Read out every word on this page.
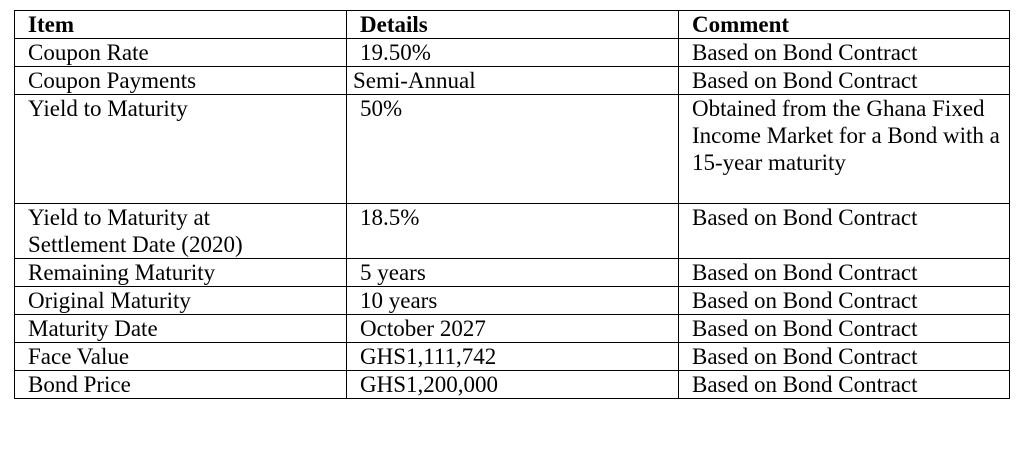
Item	Details	Comment
Coupon Rate	19.50%	Based on Bond Contract
Coupon Payments	Semi-Annual	Based on Bond Contract
Yield to Maturity	50%	Obtained from the Ghana Fixed Income Market for a Bond with a 15-year maturity
Yield to Maturity at Settlement Date (2020)	18.5%	Based on Bond Contract
Remaining Maturity	5 years	Based on Bond Contract
Original Maturity	10 years	Based on Bond Contract
Maturity Date	October 2027	Based on Bond Contract
Face Value	GHS1,111,742	Based on Bond Contract
Bond Price	GHS1,200,000	Based on Bond Contract
